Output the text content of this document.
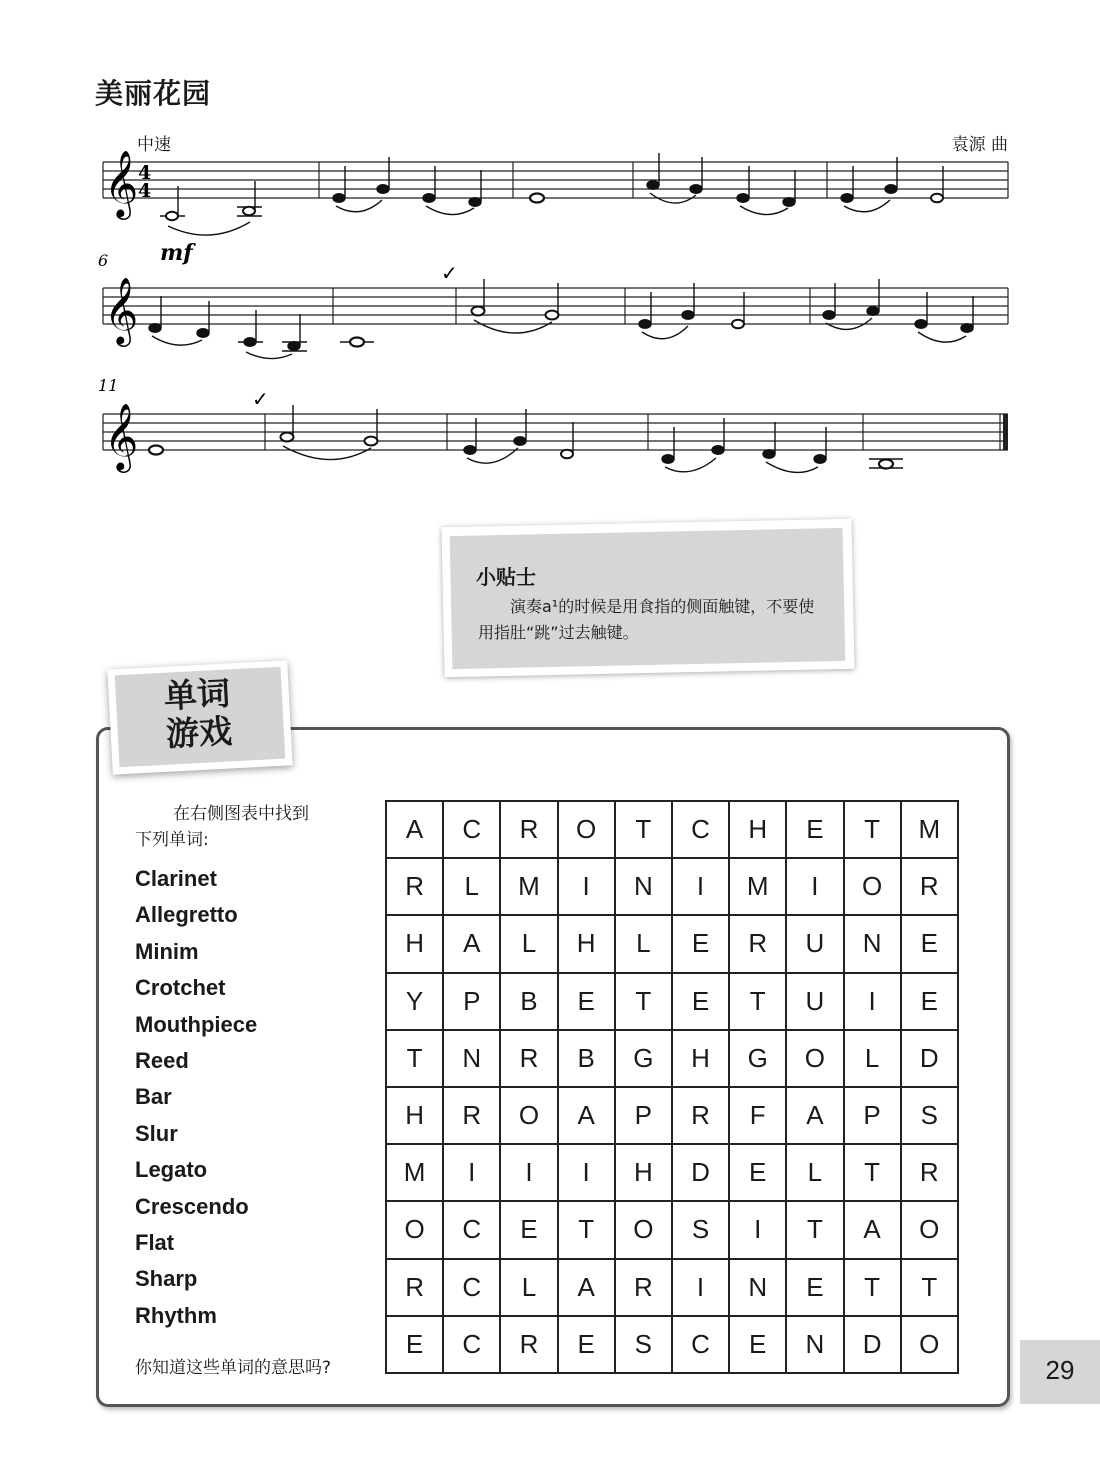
美丽花园
中速	袁源 曲
𝄞 4
4
mf
6
𝄞
✓
11
𝄞
✓
小贴士
演奏a¹的时候是用食指的侧面触键，不要使用指肚“跳”过去触键。
单词
游戏
在右侧图表中找到
下列单词:
Clarinet
Allegretto
Minim
Crotchet
Mouthpiece
Reed
Bar
Slur
Legato
Crescendo
Flat
Sharp
Rhythm
你知道这些单词的意思吗?
A	C	R	O	T	C	H	E	T	M
R	L	M	I	N	I	M	I	O	R
H	A	L	H	L	E	R	U	N	E
Y	P	B	E	T	E	T	U	I	E
T	N	R	B	G	H	G	O	L	D
H	R	O	A	P	R	F	A	P	S
M	I	I	I	H	D	E	L	T	R
O	C	E	T	O	S	I	T	A	O
R	C	L	A	R	I	N	E	T	T
E	C	R	E	S	C	E	N	D	O
29
